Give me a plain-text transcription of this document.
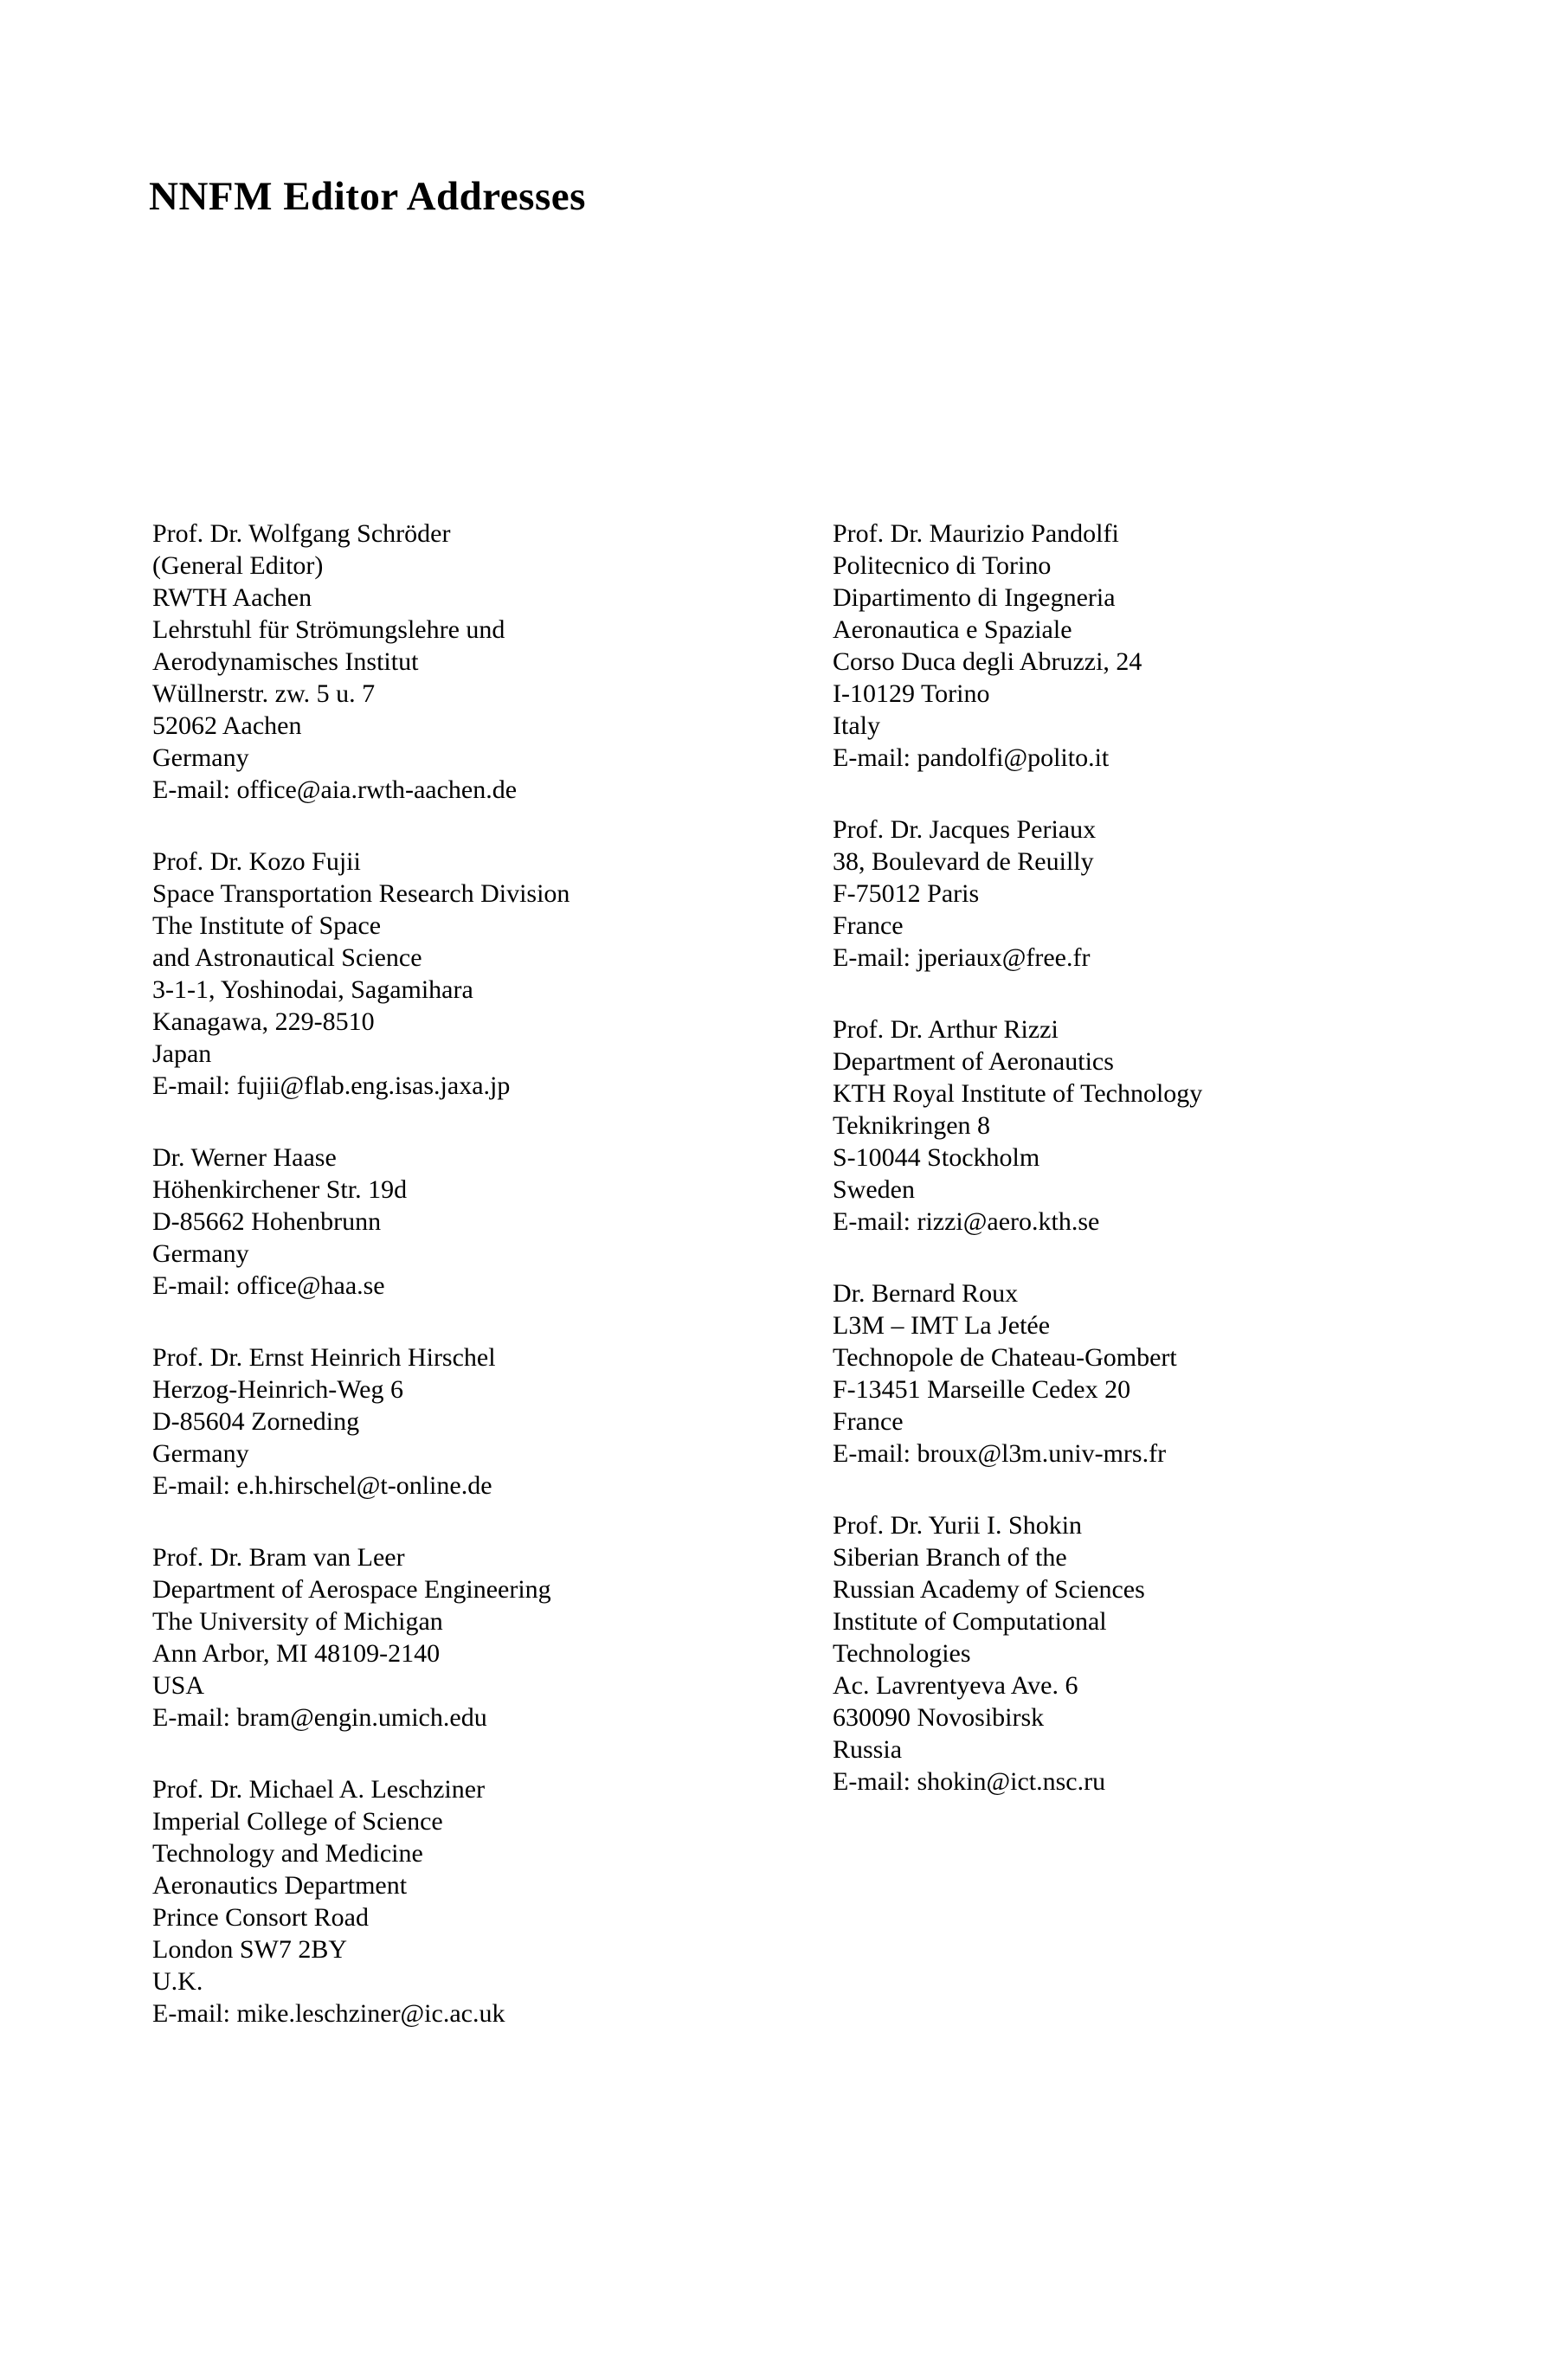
NNFM Editor Addresses
Prof. Dr. Wolfgang Schröder
(General Editor)
RWTH Aachen
Lehrstuhl für Strömungslehre und
Aerodynamisches Institut
Wüllnerstr. zw. 5 u. 7
52062 Aachen
Germany
E-mail: office@aia.rwth-aachen.de
Prof. Dr. Kozo Fujii
Space Transportation Research Division
The Institute of Space
and Astronautical Science
3-1-1, Yoshinodai, Sagamihara
Kanagawa, 229-8510
Japan
E-mail: fujii@flab.eng.isas.jaxa.jp
Dr. Werner Haase
Höhenkirchener Str. 19d
D-85662 Hohenbrunn
Germany
E-mail: office@haa.se
Prof. Dr. Ernst Heinrich Hirschel
Herzog-Heinrich-Weg 6
D-85604 Zorneding
Germany
E-mail: e.h.hirschel@t-online.de
Prof. Dr. Bram van Leer
Department of Aerospace Engineering
The University of Michigan
Ann Arbor, MI 48109-2140
USA
E-mail: bram@engin.umich.edu
Prof. Dr. Michael A. Leschziner
Imperial College of Science
Technology and Medicine
Aeronautics Department
Prince Consort Road
London SW7 2BY
U.K.
E-mail: mike.leschziner@ic.ac.uk
Prof. Dr. Maurizio Pandolfi
Politecnico di Torino
Dipartimento di Ingegneria
Aeronautica e Spaziale
Corso Duca degli Abruzzi, 24
I-10129 Torino
Italy
E-mail: pandolfi@polito.it
Prof. Dr. Jacques Periaux
38, Boulevard de Reuilly
F-75012 Paris
France
E-mail: jperiaux@free.fr
Prof. Dr. Arthur Rizzi
Department of Aeronautics
KTH Royal Institute of Technology
Teknikringen 8
S-10044 Stockholm
Sweden
E-mail: rizzi@aero.kth.se
Dr. Bernard Roux
L3M – IMT La Jetée
Technopole de Chateau-Gombert
F-13451 Marseille Cedex 20
France
E-mail: broux@l3m.univ-mrs.fr
Prof. Dr. Yurii I. Shokin
Siberian Branch of the
Russian Academy of Sciences
Institute of Computational
Technologies
Ac. Lavrentyeva Ave. 6
630090 Novosibirsk
Russia
E-mail: shokin@ict.nsc.ru
